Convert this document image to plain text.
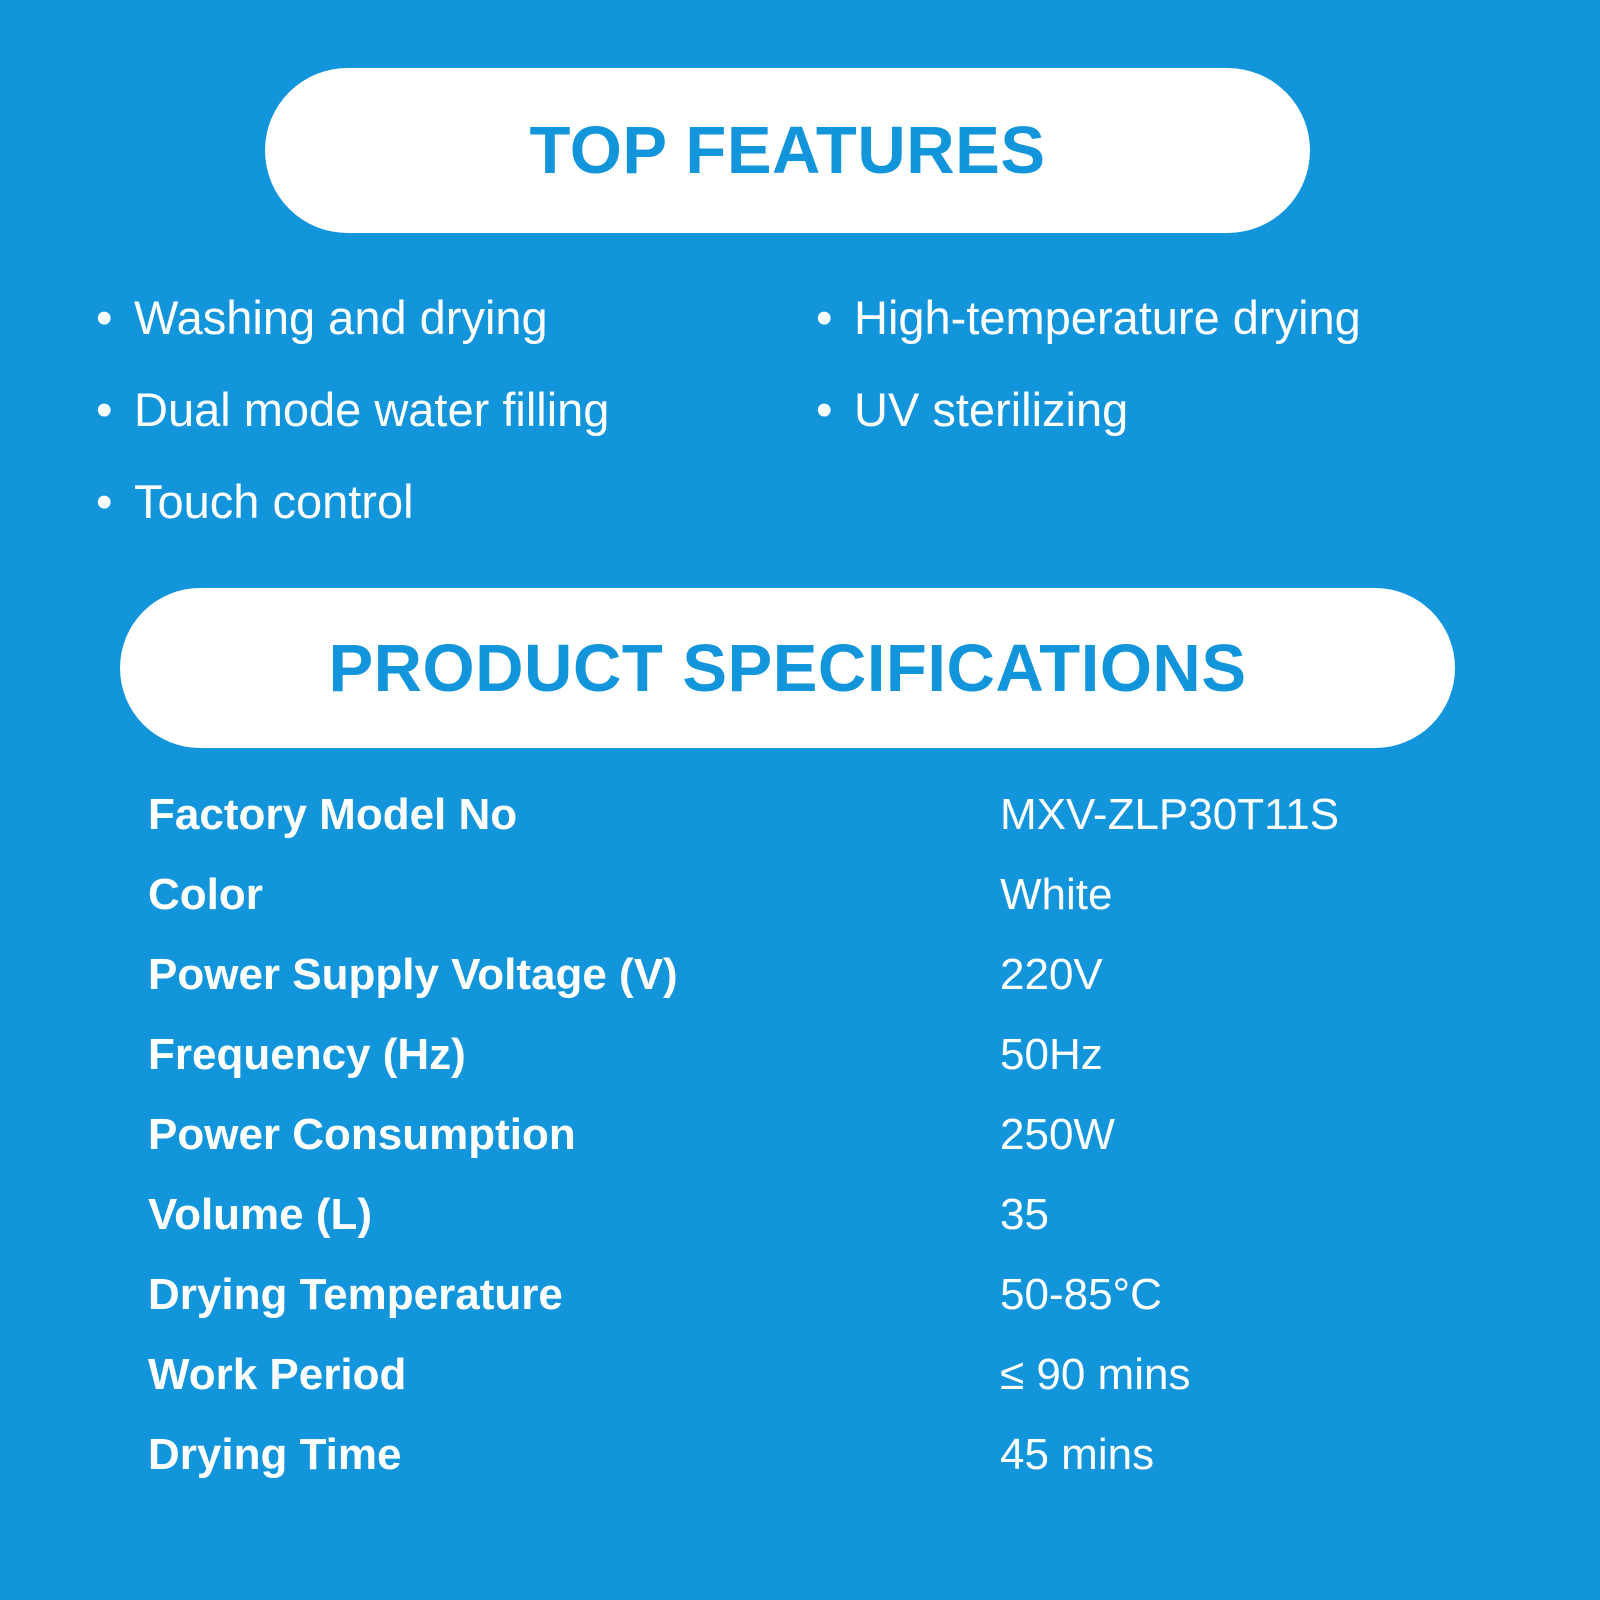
TOP FEATURES
• Washing and drying
• Dual mode water filling
• Touch control
• High-temperature drying
• UV sterilizing
PRODUCT SPECIFICATIONS
Factory Model No	MXV-ZLP30T11S
Color	White
Power Supply Voltage (V)	220V
Frequency (Hz)	50Hz
Power Consumption	250W
Volume (L)	35
Drying Temperature	50-85°C
Work Period	≤ 90 mins
Drying Time	45 mins
